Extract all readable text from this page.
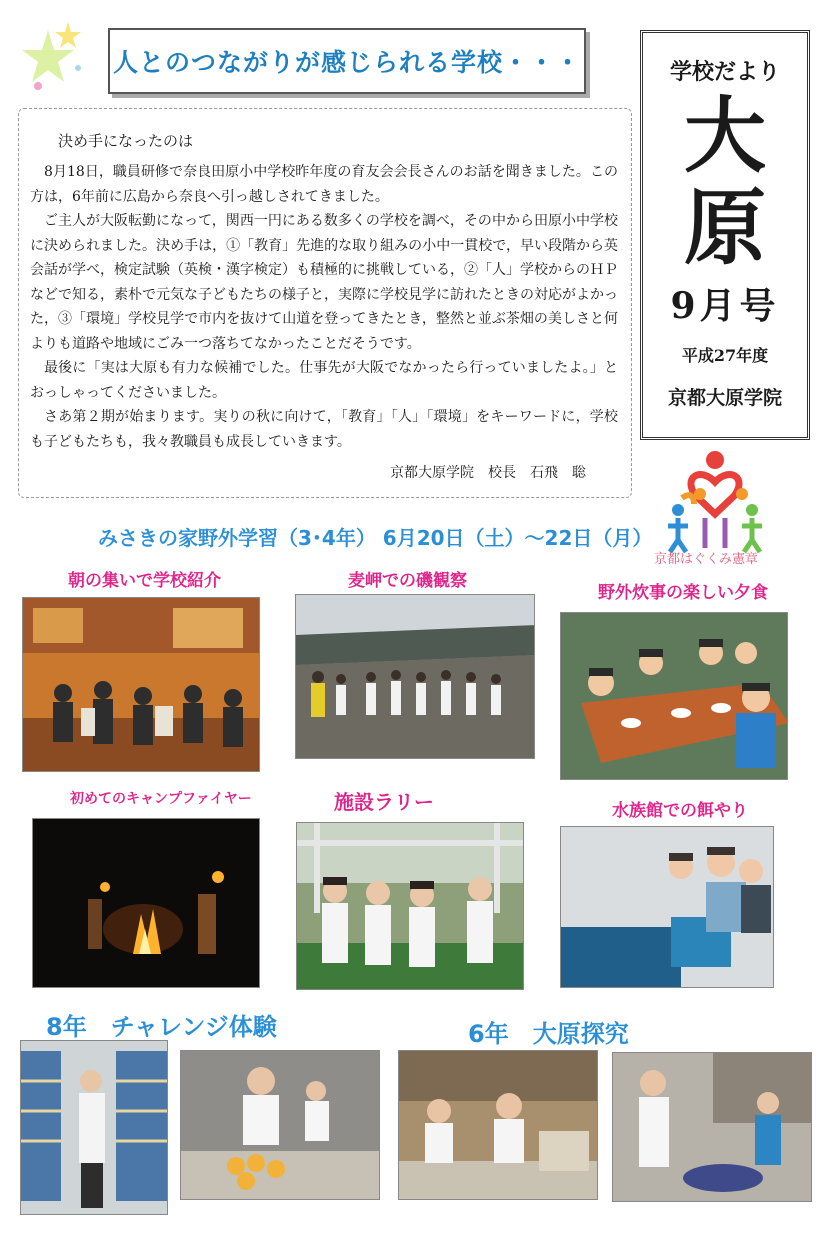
人とのつながりが感じられる学校・・・	学校だより
大
原
9月号
平成27年度
京都大原学院
決め手になったのは
8月18日，職員研修で奈良田原小中学校昨年度の育友会会長さんのお話を聞きました。この方は，6年前に広島から奈良へ引っ越しされてきました。
ご主人が大阪転勤になって，関西一円にある数多くの学校を調べ，その中から田原小中学校に決められました。決め手は，①「教育」先進的な取り組みの小中一貫校で，早い段階から英会話が学べ，検定試験（英検・漢字検定）も積極的に挑戦している，②「人」学校からのＨＰなどで知る，素朴で元気な子どもたちの様子と，実際に学校見学に訪れたときの対応がよかった，③「環境」学校見学で市内を抜けて山道を登ってきたとき，整然と並ぶ茶畑の美しさと何よりも道路や地域にごみ一つ落ちてなかったことだそうです。
最後に「実は大原も有力な候補でした。仕事先が大阪でなかったら行っていましたよ。」とおっしゃってくださいました。
さあ第２期が始まります。実りの秋に向けて，「教育」「人」「環境」をキーワードに，学校も子どもたちも，我々教職員も成長していきます。
京都大原学院　校長　石飛　聡
京都はぐくみ憲章
みさきの家野外学習（3･4年） 6月20日（土）～22日（月）
朝の集いで学校紹介	麦岬での磯観察
野外炊事の楽しい夕食
初めてのキャンプファイヤー	施設ラリー	水族館での餌やり
8年　チャレンジ体験	6年　大原探究
